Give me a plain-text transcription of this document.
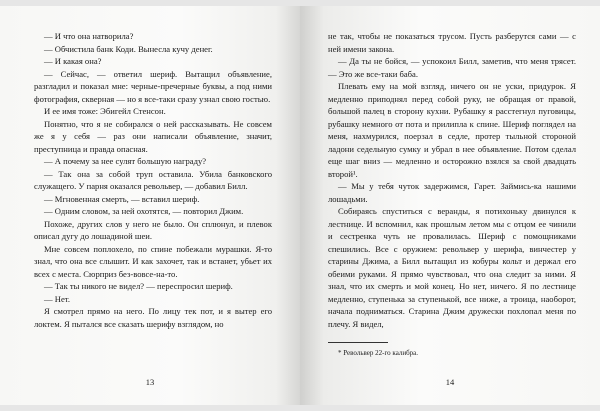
— И что она натворила?

— Обчистила банк Коди. Вынесла кучу денег.

— И какая она?

— Сейчас, — ответил шериф. Вытащил объявление, разгладил и показал мне: черные-пречерные буквы, а под ними фотография, скверная — но я все-таки сразу узнал свою гостью.

И ее имя тоже: Эбигейл Стенсон.

Понятно, что я не собирался о ней рассказывать. Не совсем же я у себя — раз они написали объявление, значит, преступница и правда опасная.

— А почему за нее сулят большую награду?

— Так она за собой труп оставила. Убила банковского служащего. У парня оказался револьвер, — добавил Билл.

— Мгновенная смерть, — вставил шериф.

— Одним словом, за ней охотятся, — повторил Джим.

Похоже, других слов у него не было. Он сплюнул, и плевок описал дугу до лошадиной шеи.

Мне совсем поплохело, по спине побежали мурашки. Я-то знал, что она все слышит. И как захочет, так и встанет, убьет их всех с места. Сюрприз без-вовсе-на-то.

— Так ты никого не видел? — переспросил шериф.

— Нет.

Я смотрел прямо на него. По лицу тек пот, и я вытер его локтем. Я пытался все сказать шерифу взглядом, но

13

не так, чтобы не показаться трусом. Пусть разберутся сами — с ней имени закона.

— Да ты не бойся, — успокоил Билл, заметив, что меня трясет. — Это же все-таки баба.

Плевать ему на мой взгляд, ничего он не уски, придурок. Я медленно приподнял перед собой руку, не обращая от правой, большой палец в сторону кухни. Рубашку я расстегнул пуговицы, рубашку немного от пота и прилипла к спине. Шериф поглядел на меня, нахмурился, поерзал в седле, протер тыльной стороной ладони седельную сумку и убрал в нее объявление. Потом сделал еще шаг вниз — медленно и осторожно взялся за свой двадцать второй¹.

— Мы у тебя чуток задержимся, Гарет. Займись-ка нашими лошадьми.

Собираясь спуститься с веранды, я потихоньку двинулся к лестнице. И вспомнил, как прошлым летом мы с отцом ее чинили и сестренка чуть не провалилась. Шериф с помощниками спешились. Все с оружием: револьвер у шерифа, винчестер у старины Джима, а Билл вытащил из кобуры кольт и держал его обеими руками. Я прямо чувствовал, что она следит за ними. Я знал, что их смерть и мой конец. Но нет, ничего. Я по лестнице медленно, ступенька за ступенькой, все ниже, а троица, наоборот, начала подниматься. Старина Джим дружески похлопал меня по плечу. Я видел,

* Револьвер 22-го калибра.

14
